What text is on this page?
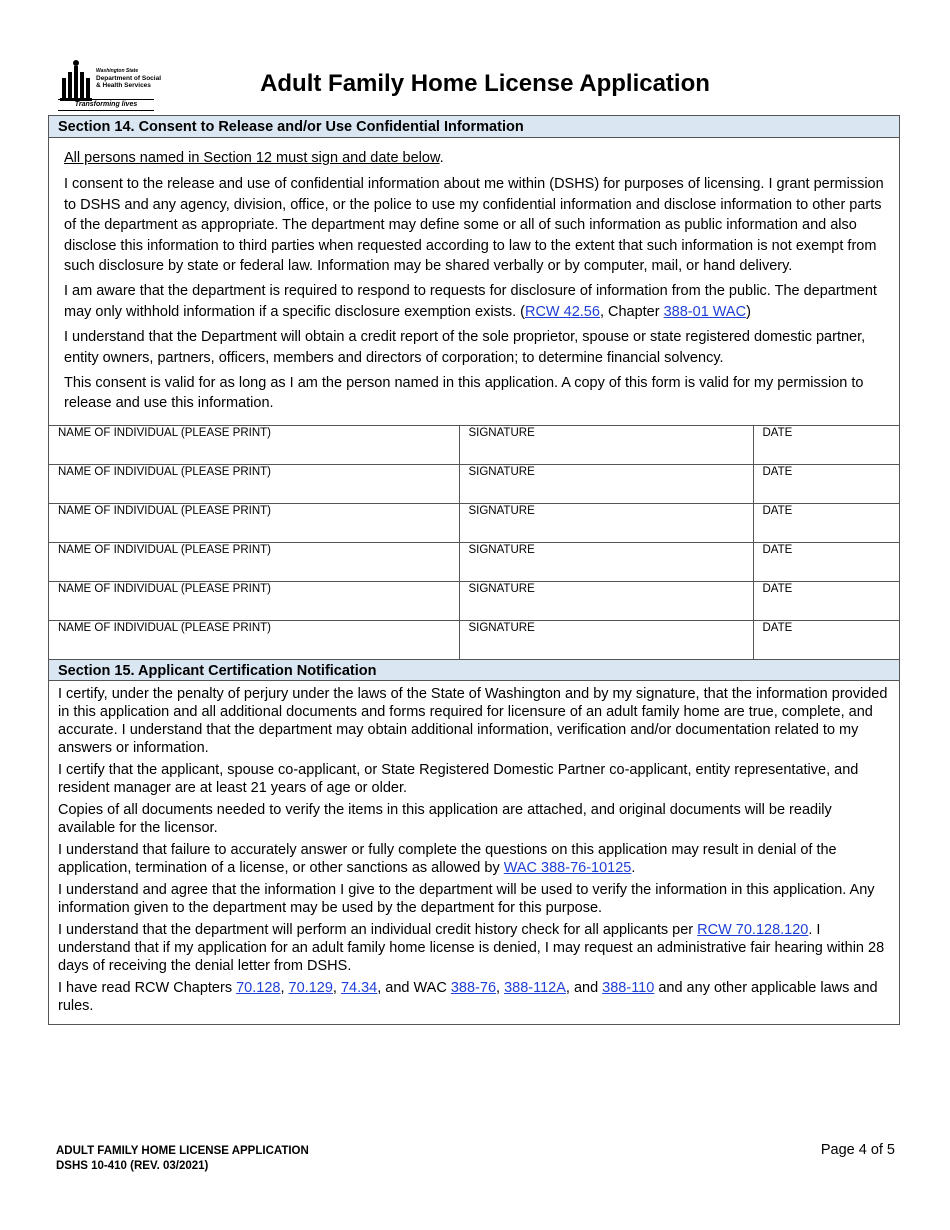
Washington State
Department of Social
& Health Services
Transforming lives
Adult Family Home License Application
Section 14. Consent to Release and/or Use Confidential Information

All persons named in Section 12 must sign and date below.

I consent to the release and use of confidential information about me within (DSHS) for purposes of licensing. I grant permission to DSHS and any agency, division, office, or the police to use my confidential information and disclose information to other parts of the department as appropriate. The department may define some or all of such information as public information and also disclose this information to third parties when requested according to law to the extent that such information is not exempt from such disclosure by state or federal law. Information may be shared verbally or by computer, mail, or hand delivery.

I am aware that the department is required to respond to requests for disclosure of information from the public. The department may only withhold information if a specific disclosure exemption exists. (RCW 42.56, Chapter 388-01 WAC)

I understand that the Department will obtain a credit report of the sole proprietor, spouse or state registered domestic partner, entity owners, partners, officers, members and directors of corporation; to determine financial solvency.

This consent is valid for as long as I am the person named in this application. A copy of this form is valid for my permission to release and use this information.

NAME OF INDIVIDUAL (PLEASE PRINT)	SIGNATURE	DATE
NAME OF INDIVIDUAL (PLEASE PRINT)	SIGNATURE	DATE
NAME OF INDIVIDUAL (PLEASE PRINT)	SIGNATURE	DATE
NAME OF INDIVIDUAL (PLEASE PRINT)	SIGNATURE	DATE
NAME OF INDIVIDUAL (PLEASE PRINT)	SIGNATURE	DATE
NAME OF INDIVIDUAL (PLEASE PRINT)	SIGNATURE	DATE
Section 15. Applicant Certification Notification

I certify, under the penalty of perjury under the laws of the State of Washington and by my signature, that the information provided in this application and all additional documents and forms required for licensure of an adult family home are true, complete, and accurate. I understand that the department may obtain additional information, verification and/or documentation related to my answers or information.

I certify that the applicant, spouse co-applicant, or State Registered Domestic Partner co-applicant, entity representative, and resident manager are at least 21 years of age or older.

Copies of all documents needed to verify the items in this application are attached, and original documents will be readily available for the licensor.

I understand that failure to accurately answer or fully complete the questions on this application may result in denial of the application, termination of a license, or other sanctions as allowed by WAC 388-76-10125.

I understand and agree that the information I give to the department will be used to verify the information in this application. Any information given to the department may be used by the department for this purpose.

I understand that the department will perform an individual credit history check for all applicants per RCW 70.128.120. I understand that if my application for an adult family home license is denied, I may request an administrative fair hearing within 28 days of receiving the denial letter from DSHS.

I have read RCW Chapters 70.128, 70.129, 74.34, and WAC 388-76, 388-112A, and 388-110 and any other applicable laws and rules.

ADULT FAMILY HOME LICENSE APPLICATION
DSHS 10-410 (REV. 03/2021)
Page 4 of 5
